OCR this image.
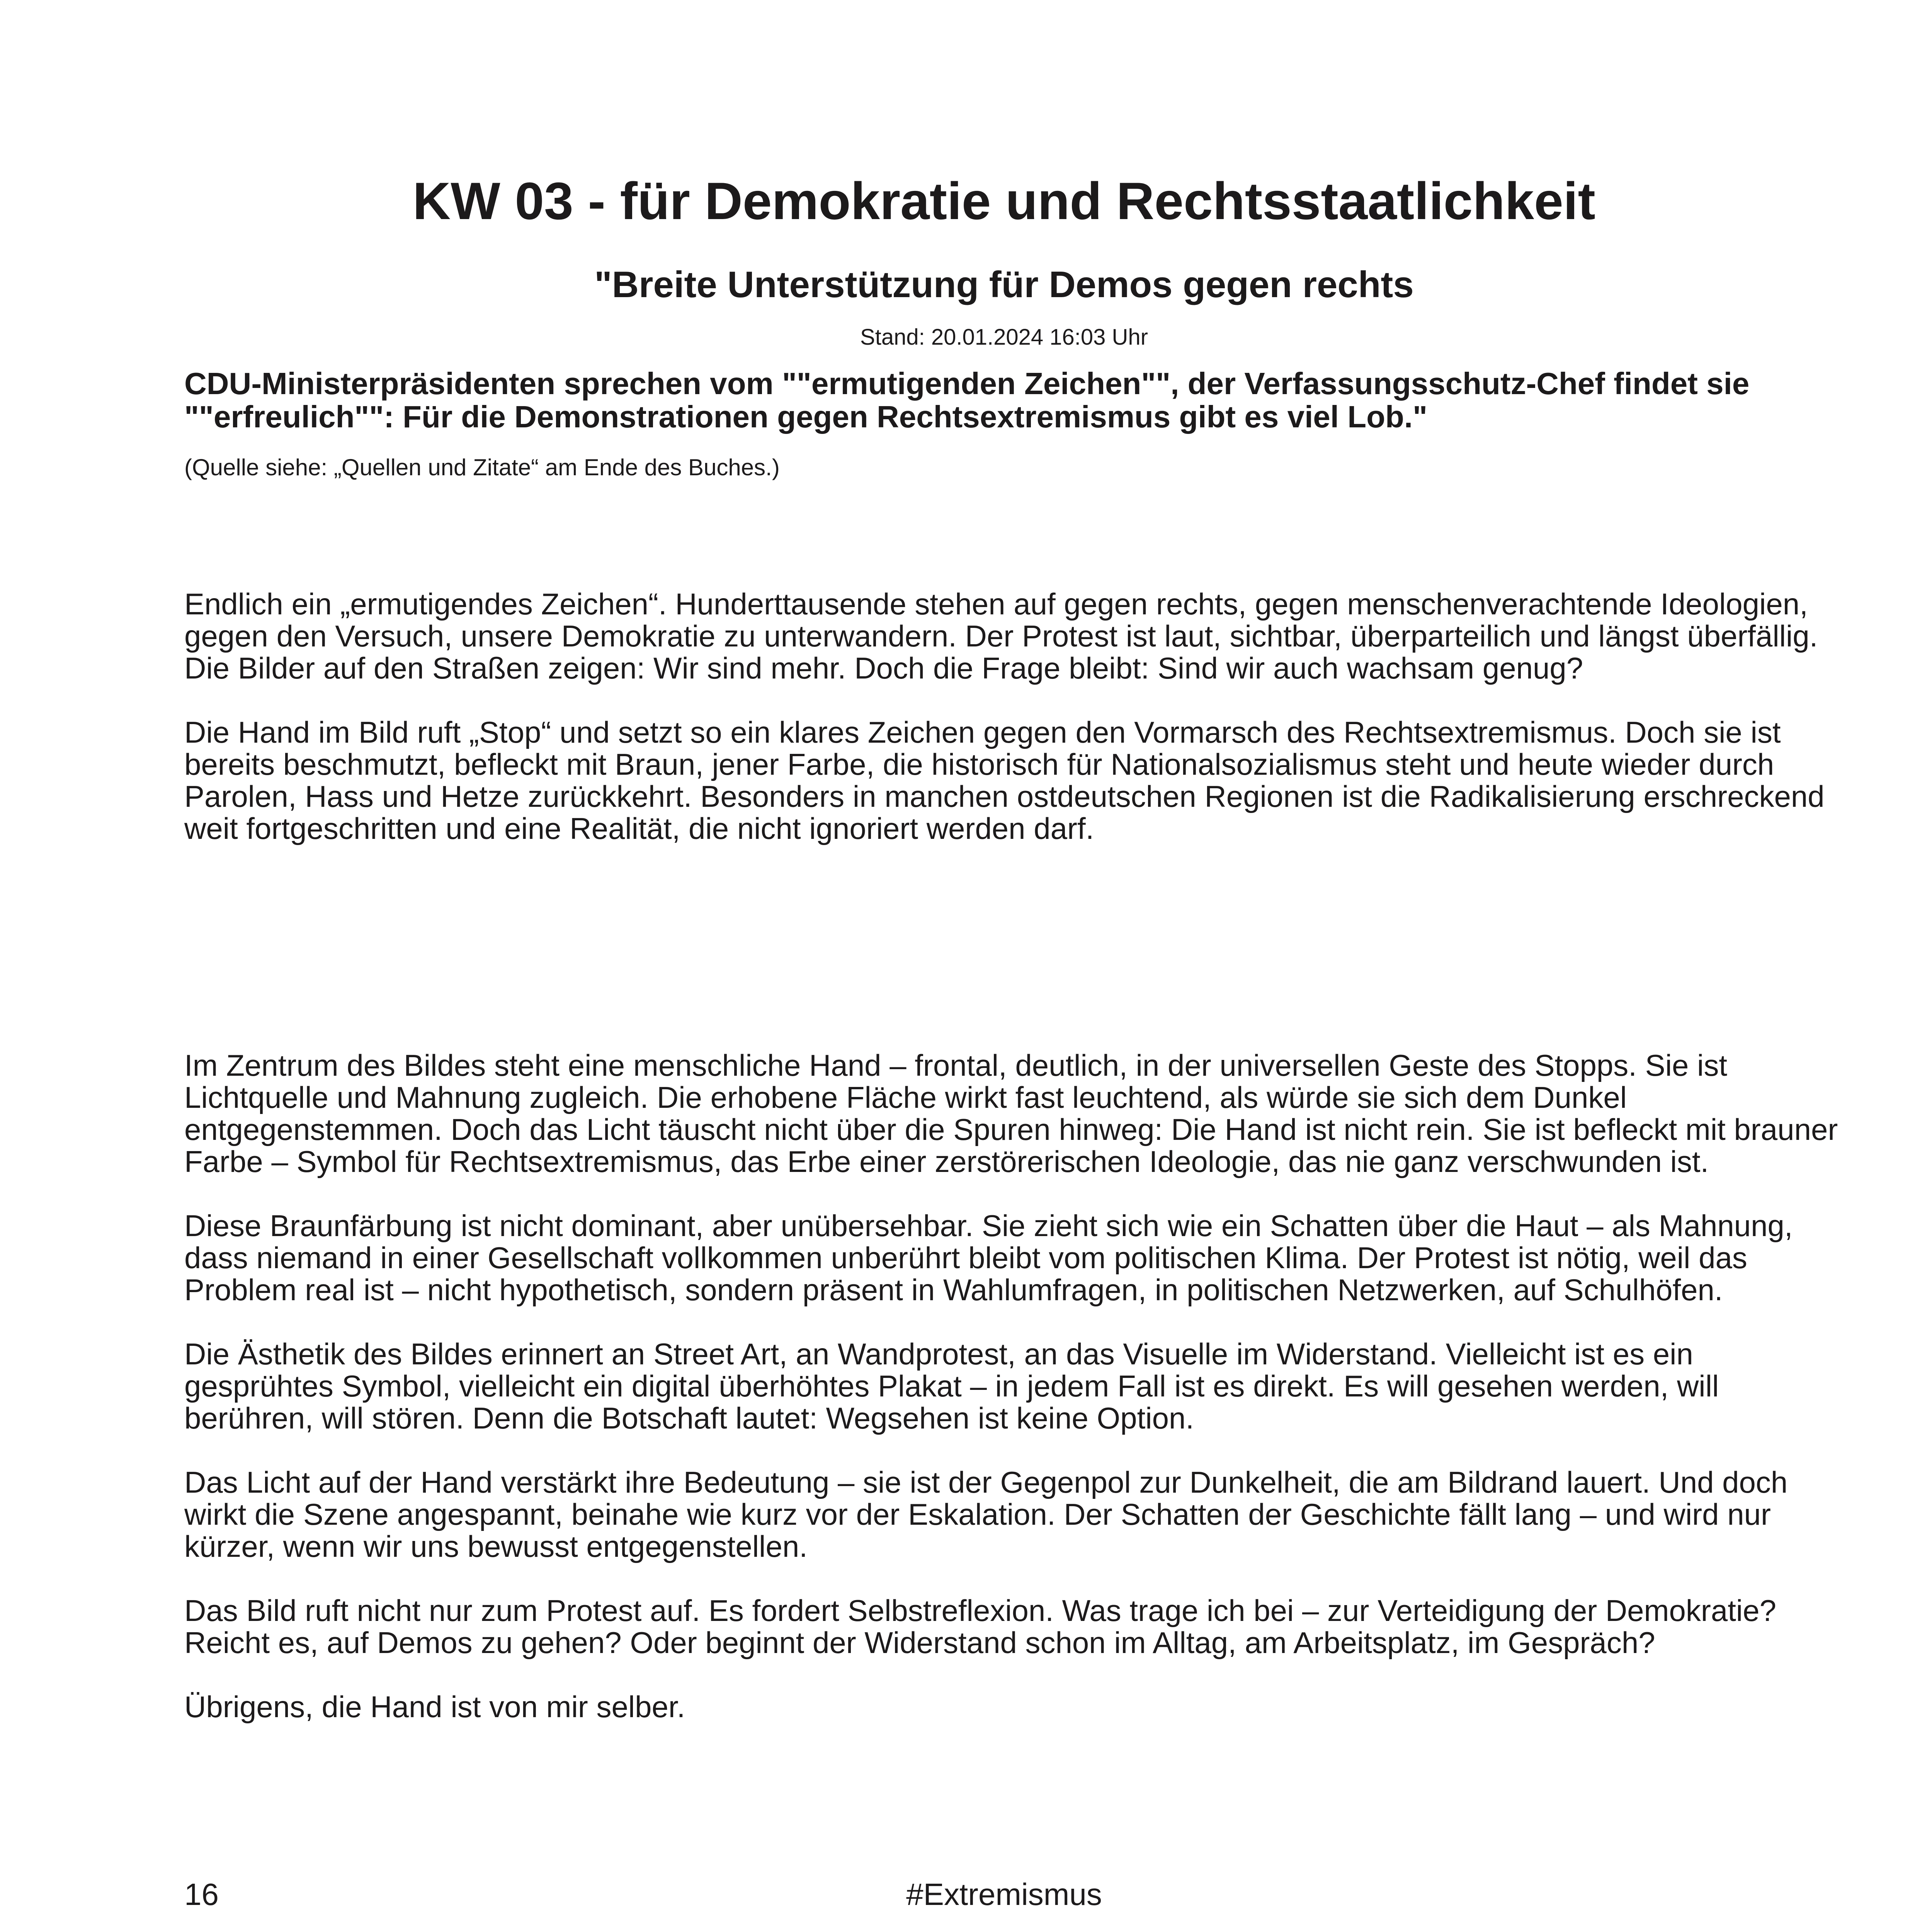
KW 03 - für Demokratie und Rechtsstaatlichkeit
"Breite Unterstützung für Demos gegen rechts
Stand: 20.01.2024 16:03 Uhr
CDU-Ministerpräsidenten sprechen vom ""ermutigenden Zeichen"", der Verfassungsschutz-Chef findet sie ""erfreulich"": Für die Demonstrationen gegen Rechtsextremismus gibt es viel Lob."
(Quelle siehe: „Quellen und Zitate“ am Ende des Buches.)

Endlich ein „ermutigendes Zeichen“. Hunderttausende stehen auf gegen rechts, gegen menschenverachtende Ideologien, gegen den Versuch, unsere Demokratie zu unterwandern. Der Protest ist laut, sichtbar, überparteilich und längst überfällig. Die Bilder auf den Straßen zeigen: Wir sind mehr. Doch die Frage bleibt: Sind wir auch wachsam genug?

Die Hand im Bild ruft „Stop“ und setzt so ein klares Zeichen gegen den Vormarsch des Rechtsextremismus. Doch sie ist bereits beschmutzt, befleckt mit Braun, jener Farbe, die historisch für Nationalsozialismus steht und heute wieder durch Parolen, Hass und Hetze zurückkehrt. Besonders in manchen ostdeutschen Regionen ist die Radikalisierung erschreckend weit fortgeschritten und eine Realität, die nicht ignoriert werden darf.

Im Zentrum des Bildes steht eine menschliche Hand – frontal, deutlich, in der universellen Geste des Stopps. Sie ist Lichtquelle und Mahnung zugleich. Die erhobene Fläche wirkt fast leuchtend, als würde sie sich dem Dunkel entgegenstemmen. Doch das Licht täuscht nicht über die Spuren hinweg: Die Hand ist nicht rein. Sie ist befleckt mit brauner Farbe – Symbol für Rechtsextremismus, das Erbe einer zerstörerischen Ideologie, das nie ganz verschwunden ist.

Diese Braunfärbung ist nicht dominant, aber unübersehbar. Sie zieht sich wie ein Schatten über die Haut – als Mahnung, dass niemand in einer Gesellschaft vollkommen unberührt bleibt vom politischen Klima. Der Protest ist nötig, weil das Problem real ist – nicht hypothetisch, sondern präsent in Wahlumfragen, in politischen Netzwerken, auf Schulhöfen.

Die Ästhetik des Bildes erinnert an Street Art, an Wandprotest, an das Visuelle im Widerstand. Vielleicht ist es ein gesprühtes Symbol, vielleicht ein digital überhöhtes Plakat – in jedem Fall ist es direkt. Es will gesehen werden, will berühren, will stören. Denn die Botschaft lautet: Wegsehen ist keine Option.

Das Licht auf der Hand verstärkt ihre Bedeutung – sie ist der Gegenpol zur Dunkelheit, die am Bildrand lauert. Und doch wirkt die Szene angespannt, beinahe wie kurz vor der Eskalation. Der Schatten der Geschichte fällt lang – und wird nur kürzer, wenn wir uns bewusst entgegenstellen.

Das Bild ruft nicht nur zum Protest auf. Es fordert Selbstreflexion. Was trage ich bei – zur Verteidigung der Demokratie? Reicht es, auf Demos zu gehen? Oder beginnt der Widerstand schon im Alltag, am Arbeitsplatz, im Gespräch?

Übrigens, die Hand ist von mir selber.

16	#Extremismus
